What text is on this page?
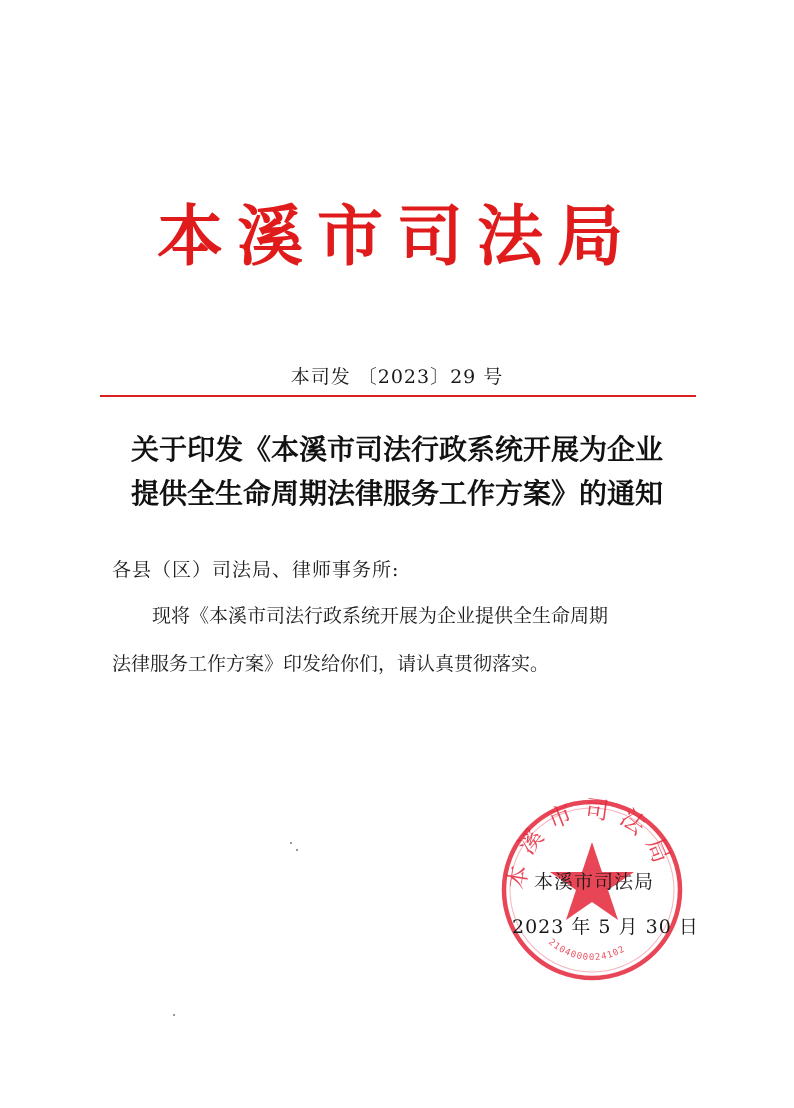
本溪市司法局
本司发 〔2023〕29 号
关于印发《本溪市司法行政系统开展为企业
提供全生命周期法律服务工作方案》的通知
各县（区）司法局、律师事务所:
现将《本溪市司法行政系统开展为企业提供全生命周期
法律服务工作方案》印发给你们，请认真贯彻落实。
本溪市司法局
2104000024102
本溪市司法局
2023 年 5 月 30 日
